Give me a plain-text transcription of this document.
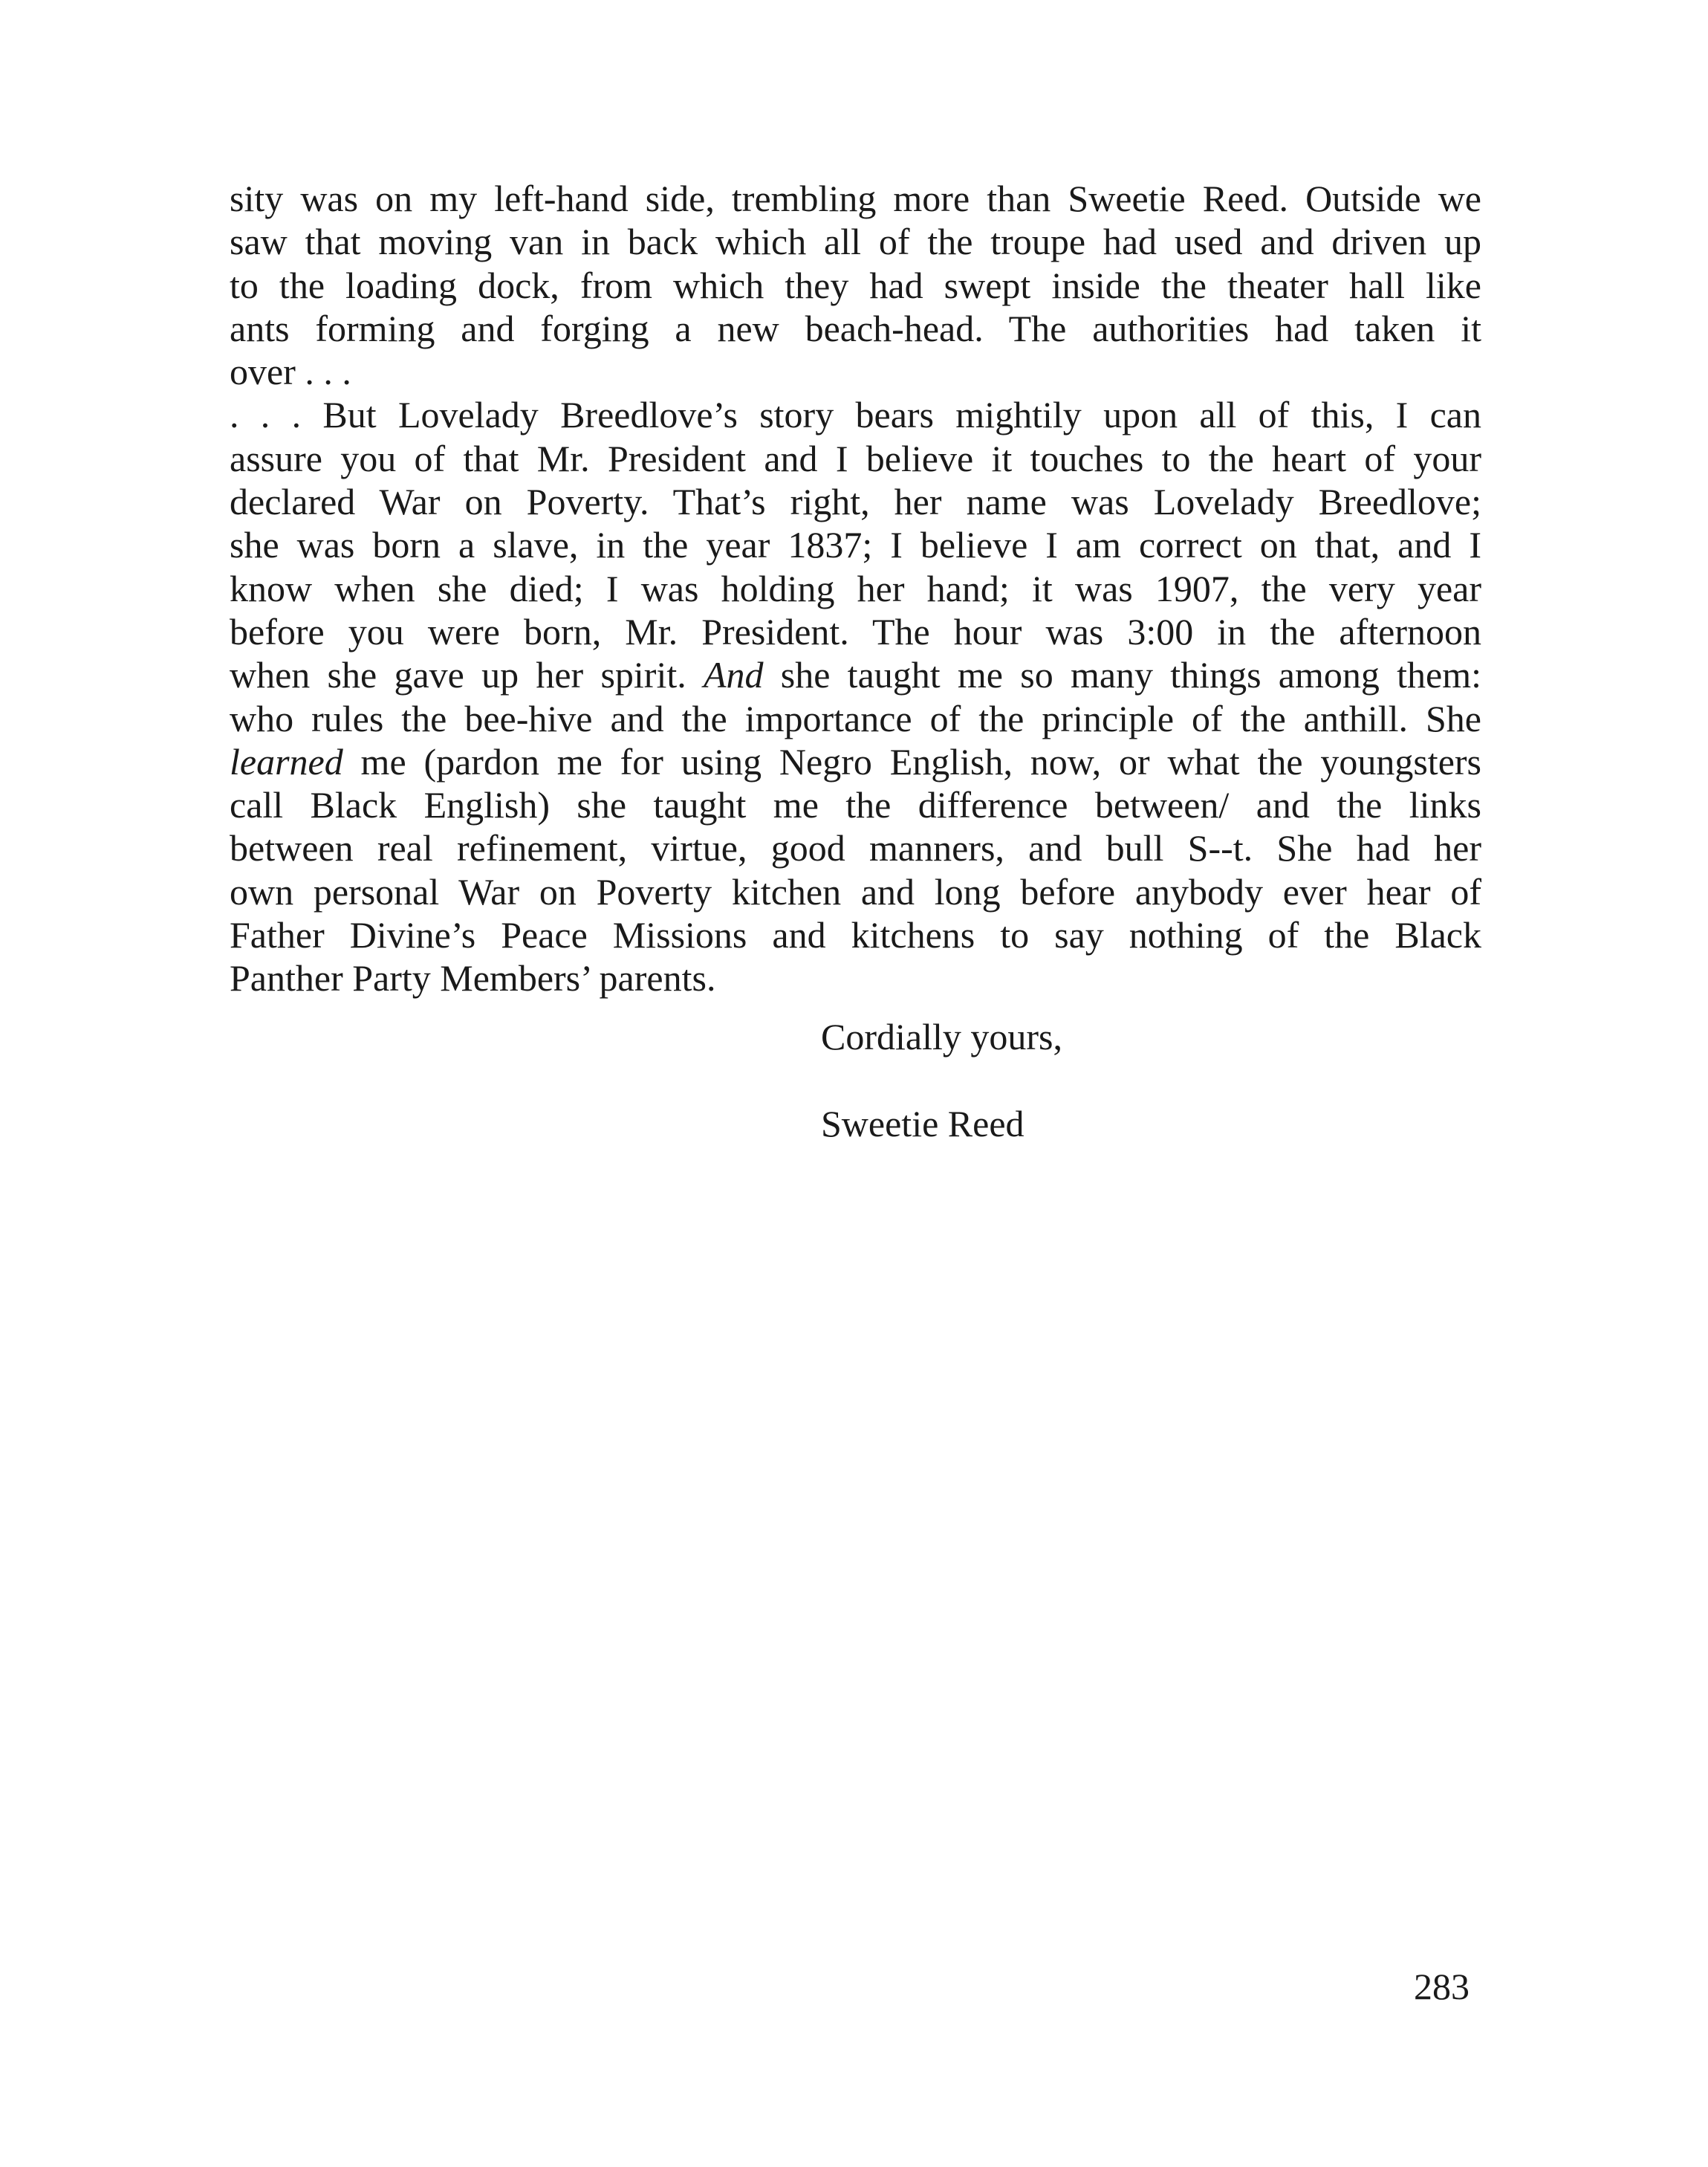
sity was on my left-hand side, trembling more than Sweetie Reed. Outside we
saw that moving van in back which all of the troupe had used and driven up
to the loading dock, from which they had swept inside the theater hall like
ants forming and forging a new beach-head. The authorities had taken it
over . . .
. . . But Lovelady Breedlove’s story bears mightily upon all of this, I can
assure you of that Mr. President and I believe it touches to the heart of your
declared War on Poverty. That’s right, her name was Lovelady Breedlove;
she was born a slave, in the year 1837; I believe I am correct on that, and I
know when she died; I was holding her hand; it was 1907, the very year
before you were born, Mr. President. The hour was 3:00 in the afternoon
when she gave up her spirit. And she taught me so many things among them:
who rules the bee-hive and the importance of the principle of the anthill. She
learned me (pardon me for using Negro English, now, or what the youngsters
call Black English) she taught me the difference between/ and the links
between real refinement, virtue, good manners, and bull S--t. She had her
own personal War on Poverty kitchen and long before anybody ever hear of
Father Divine’s Peace Missions and kitchens to say nothing of the Black
Panther Party Members’ parents.
Cordially yours,
Sweetie Reed
283
